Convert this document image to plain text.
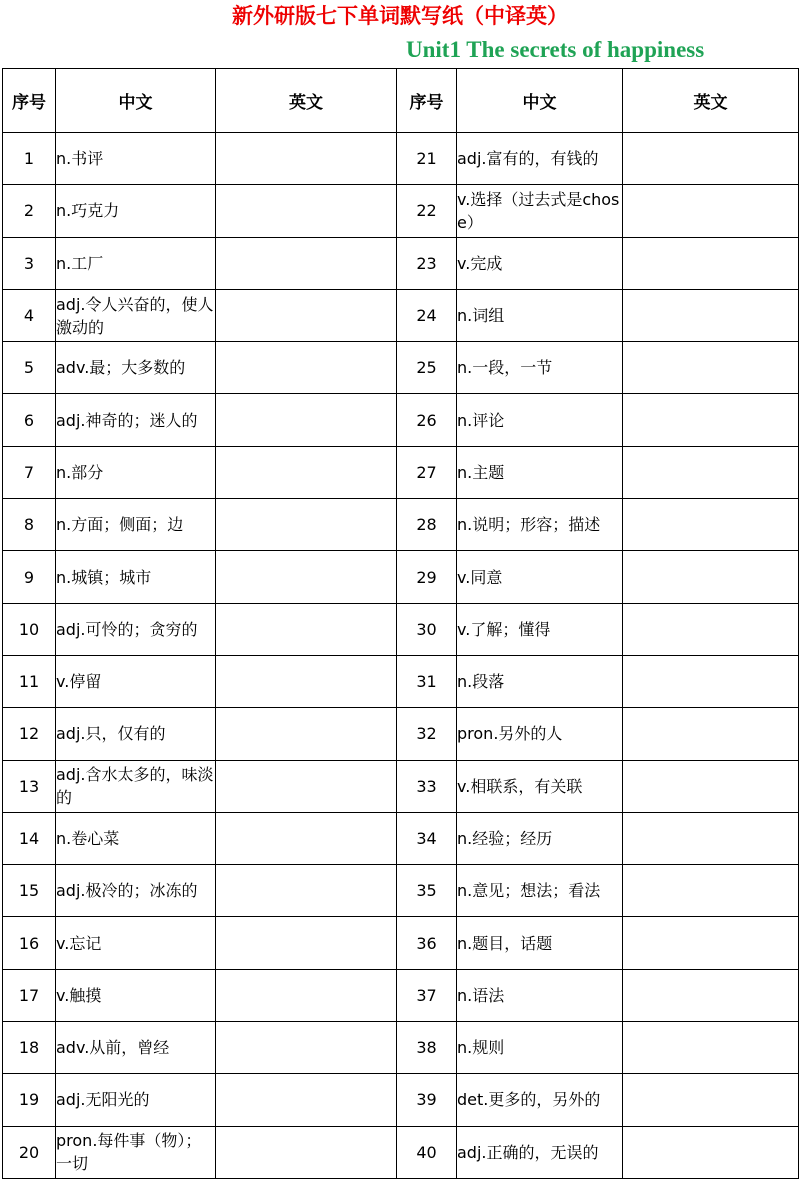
新外研版七下单词默写纸（中译英）
Unit1 The secrets of happiness
序号	中文	英文	序号	中文	英文
1	n.书评		21	adj.富有的，有钱的	
2	n.巧克力		22	v.选择（过去式是chose）	
3	n.工厂		23	v.完成	
4	adj.令人兴奋的，使人激动的		24	n.词组	
5	adv.最；大多数的		25	n.一段，一节	
6	adj.神奇的；迷人的		26	n.评论	
7	n.部分		27	n.主题	
8	n.方面；侧面；边		28	n.说明；形容；描述	
9	n.城镇；城市		29	v.同意	
10	adj.可怜的；贪穷的		30	v.了解；懂得	
11	v.停留		31	n.段落	
12	adj.只，仅有的		32	pron.另外的人	
13	adj.含水太多的，味淡的		33	v.相联系，有关联	
14	n.卷心菜		34	n.经验；经历	
15	adj.极冷的；冰冻的		35	n.意见；想法；看法	
16	v.忘记		36	n.题目，话题	
17	v.触摸		37	n.语法	
18	adv.从前，曾经		38	n.规则	
19	adj.无阳光的		39	det.更多的，另外的	
20	pron.每件事（物）；一切		40	adj.正确的，无误的	
